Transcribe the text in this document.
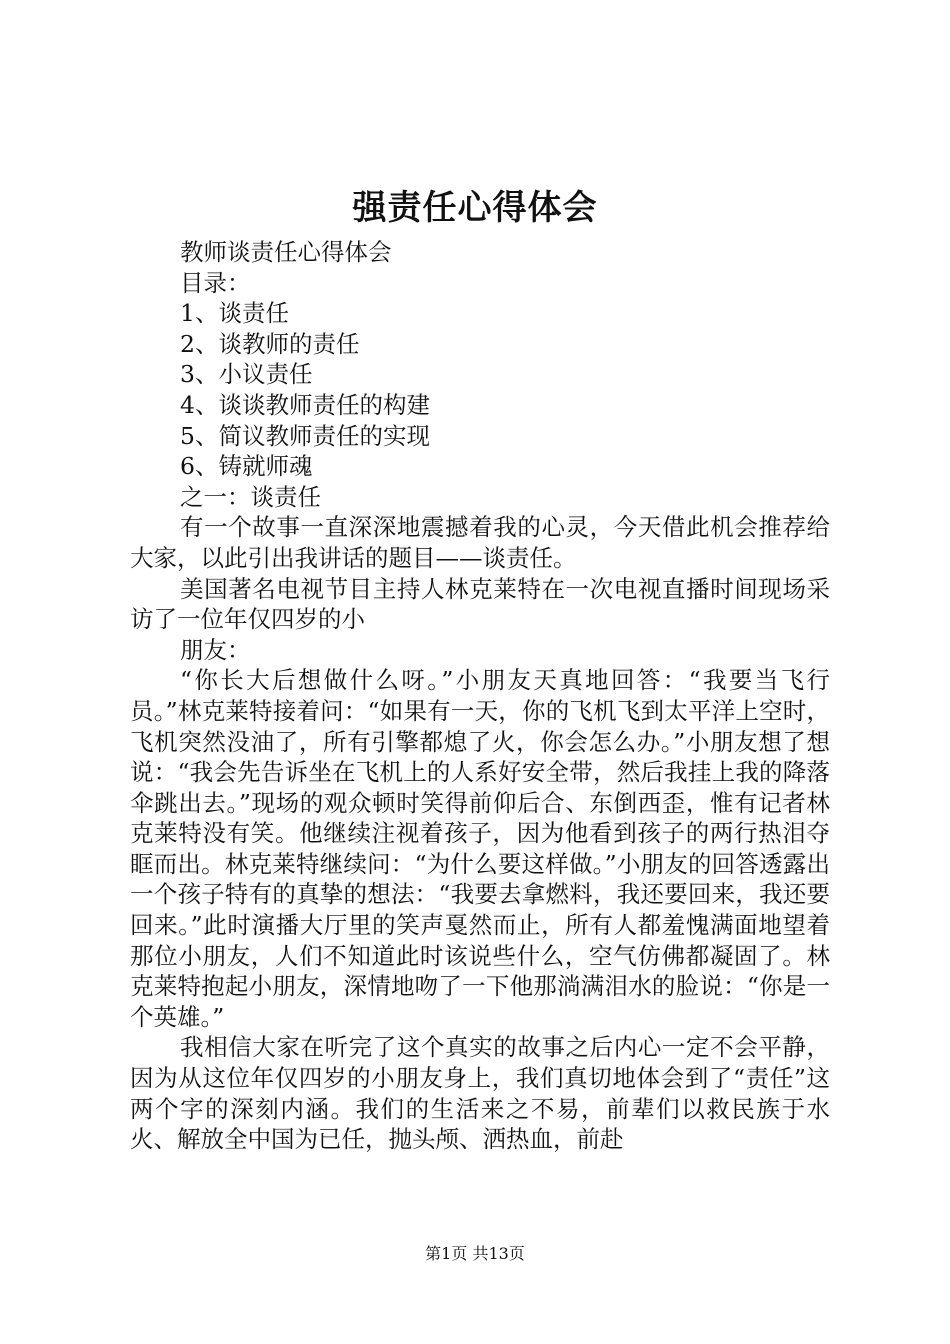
强责任心得体会

教师谈责任心得体会

目录：

1、谈责任

2、谈教师的责任

3、小议责任

4、谈谈教师责任的构建

5、简议教师责任的实现

6、铸就师魂

之一：谈责任

有一个故事一直深深地震撼着我的心灵，今天借此机会推荐给大家，以此引出我讲话的题目——谈责任。

美国著名电视节目主持人林克莱特在一次电视直播时间现场采访了一位年仅四岁的小

朋友：

“你长大后想做什么呀。”小朋友天真地回答：“我要当飞行员。”林克莱特接着问：“如果有一天，你的飞机飞到太平洋上空时，飞机突然没油了，所有引擎都熄了火，你会怎么办。”小朋友想了想说：“我会先告诉坐在飞机上的人系好安全带，然后我挂上我的降落伞跳出去。”现场的观众顿时笑得前仰后合、东倒西歪，惟有记者林克莱特没有笑。他继续注视着孩子，因为他看到孩子的两行热泪夺眶而出。林克莱特继续问：“为什么要这样做。”小朋友的回答透露出一个孩子特有的真挚的想法：“我要去拿燃料，我还要回来，我还要回来。”此时演播大厅里的笑声戛然而止，所有人都羞愧满面地望着那位小朋友，人们不知道此时该说些什么，空气仿佛都凝固了。林克莱特抱起小朋友，深情地吻了一下他那淌满泪水的脸说：“你是一个英雄。”

我相信大家在听完了这个真实的故事之后内心一定不会平静，因为从这位年仅四岁的小朋友身上，我们真切地体会到了“责任”这两个字的深刻内涵。我们的生活来之不易，前辈们以救民族于水火、解放全中国为已任，抛头颅、洒热血，前赴

第1页 共13页
